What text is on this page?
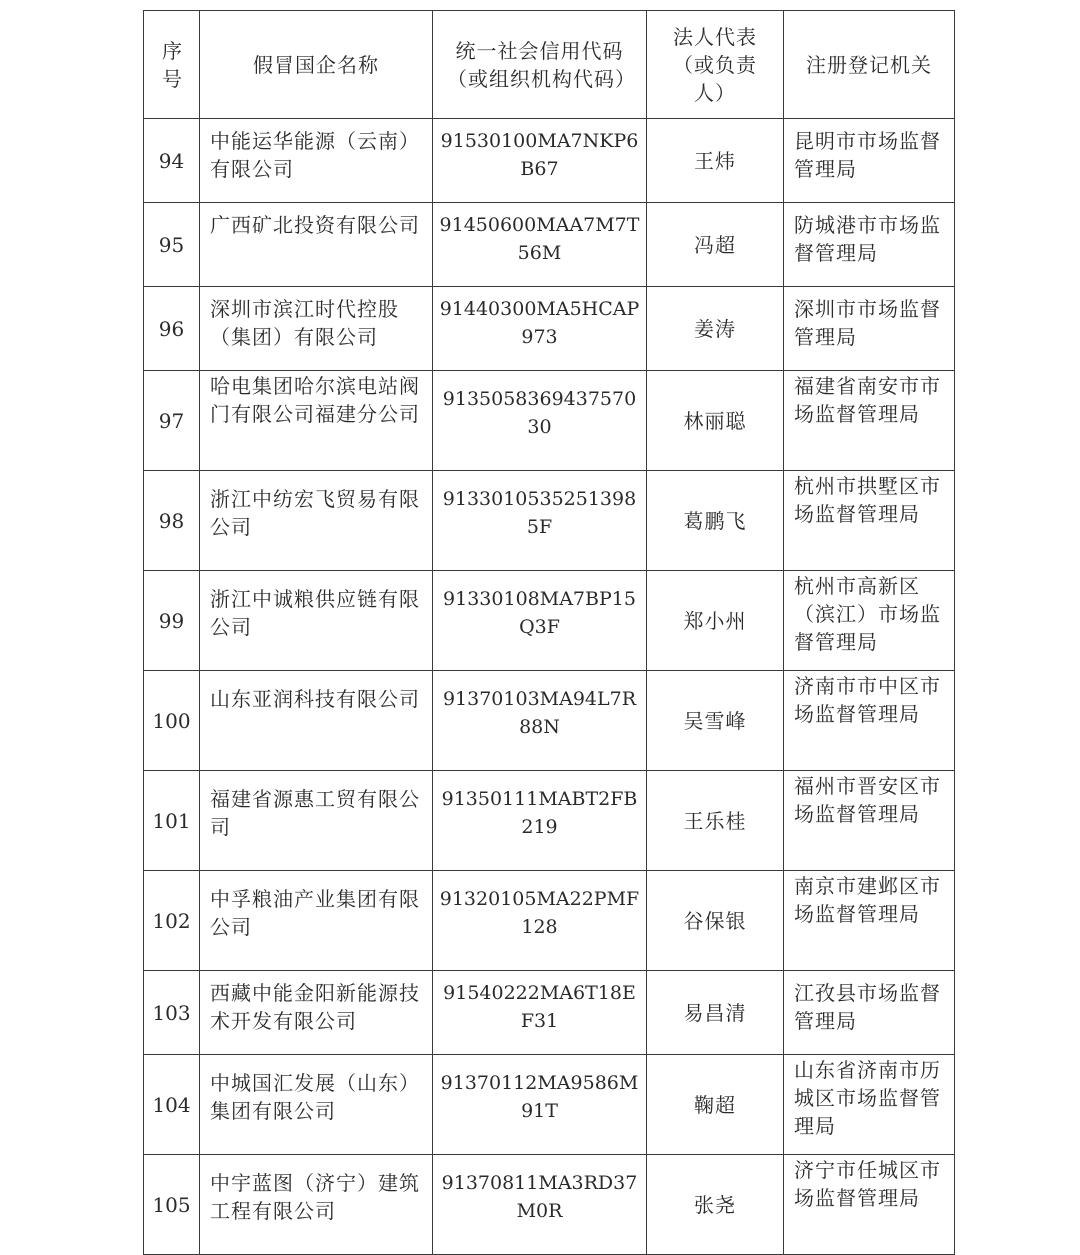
序号	假冒国企名称	统一社会信用代码（或组织机构代码）	法人代表（或负责人）	注册登记机关
94	中能运华能源（云南）有限公司	91530100MA7NKP6B67	王炜	昆明市市场监督管理局
95	广西矿北投资有限公司	91450600MAA7M7T56M	冯超	防城港市市场监督管理局
96	深圳市滨江时代控股（集团）有限公司	91440300MA5HCAP973	姜涛	深圳市市场监督管理局
97	哈电集团哈尔滨电站阀门有限公司福建分公司	913505836943757030	林丽聪	福建省南安市市场监督管理局
98	浙江中纺宏飞贸易有限公司	91330105352513985F	葛鹏飞	杭州市拱墅区市场监督管理局
99	浙江中诚粮供应链有限公司	91330108MA7BP15Q3F	郑小州	杭州市高新区（滨江）市场监督管理局
100	山东亚润科技有限公司	91370103MA94L7R88N	吴雪峰	济南市市中区市场监督管理局
101	福建省源惠工贸有限公司	91350111MABT2FB219	王乐桂	福州市晋安区市场监督管理局
102	中孚粮油产业集团有限公司	91320105MA22PMF128	谷保银	南京市建邺区市场监督管理局
103	西藏中能金阳新能源技术开发有限公司	91540222MA6T18EF31	易昌清	江孜县市场监督管理局
104	中城国汇发展（山东）集团有限公司	91370112MA9586M91T	鞠超	山东省济南市历城区市场监督管理局
105	中宇蓝图（济宁）建筑工程有限公司	91370811MA3RD37M0R	张尧	济宁市任城区市场监督管理局
